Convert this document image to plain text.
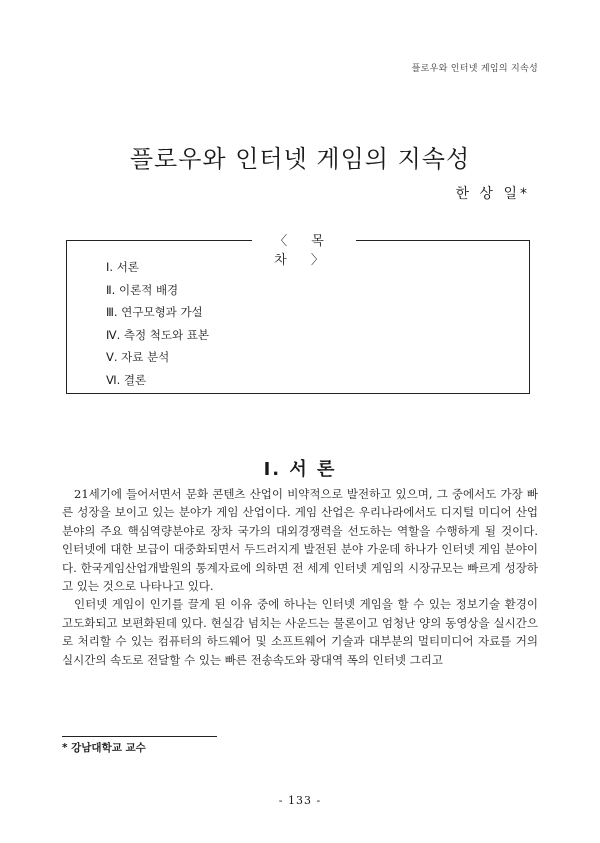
플로우와 인터넷 게임의 지속성
플로우와 인터넷 게임의 지속성
한 상 일*
〈 목 차 〉
Ⅰ. 서론
Ⅱ. 이론적 배경
Ⅲ. 연구모형과 가설
Ⅳ. 측정 척도와 표본
Ⅴ. 자료 분석
Ⅵ. 결론
Ⅰ. 서 론

21세기에 들어서면서 문화 콘텐츠 산업이 비약적으로 발전하고 있으며, 그 중에서도 가장 빠른 성장을 보이고 있는 분야가 게임 산업이다. 게임 산업은 우리나라에서도 디지털 미디어 산업 분야의 주요 핵심역량분야로 장차 국가의 대외경쟁력을 선도하는 역할을 수행하게 될 것이다. 인터넷에 대한 보급이 대중화되면서 두드러지게 발전된 분야 가운데 하나가 인터넷 게임 분야이다. 한국게임산업개발원의 통계자료에 의하면 전 세계 인터넷 게임의 시장규모는 빠르게 성장하고 있는 것으로 나타나고 있다.

인터넷 게임이 인기를 끌게 된 이유 중에 하나는 인터넷 게임을 할 수 있는 정보기술 환경이 고도화되고 보편화된데 있다. 현실감 넘치는 사운드는 물론이고 엄청난 양의 동영상을 실시간으로 처리할 수 있는 컴퓨터의 하드웨어 및 소프트웨어 기술과 대부분의 멀티미디어 자료를 거의 실시간의 속도로 전달할 수 있는 빠른 전송속도와 광대역 폭의 인터넷 그리고

* 강남대학교 교수
- 133 -
